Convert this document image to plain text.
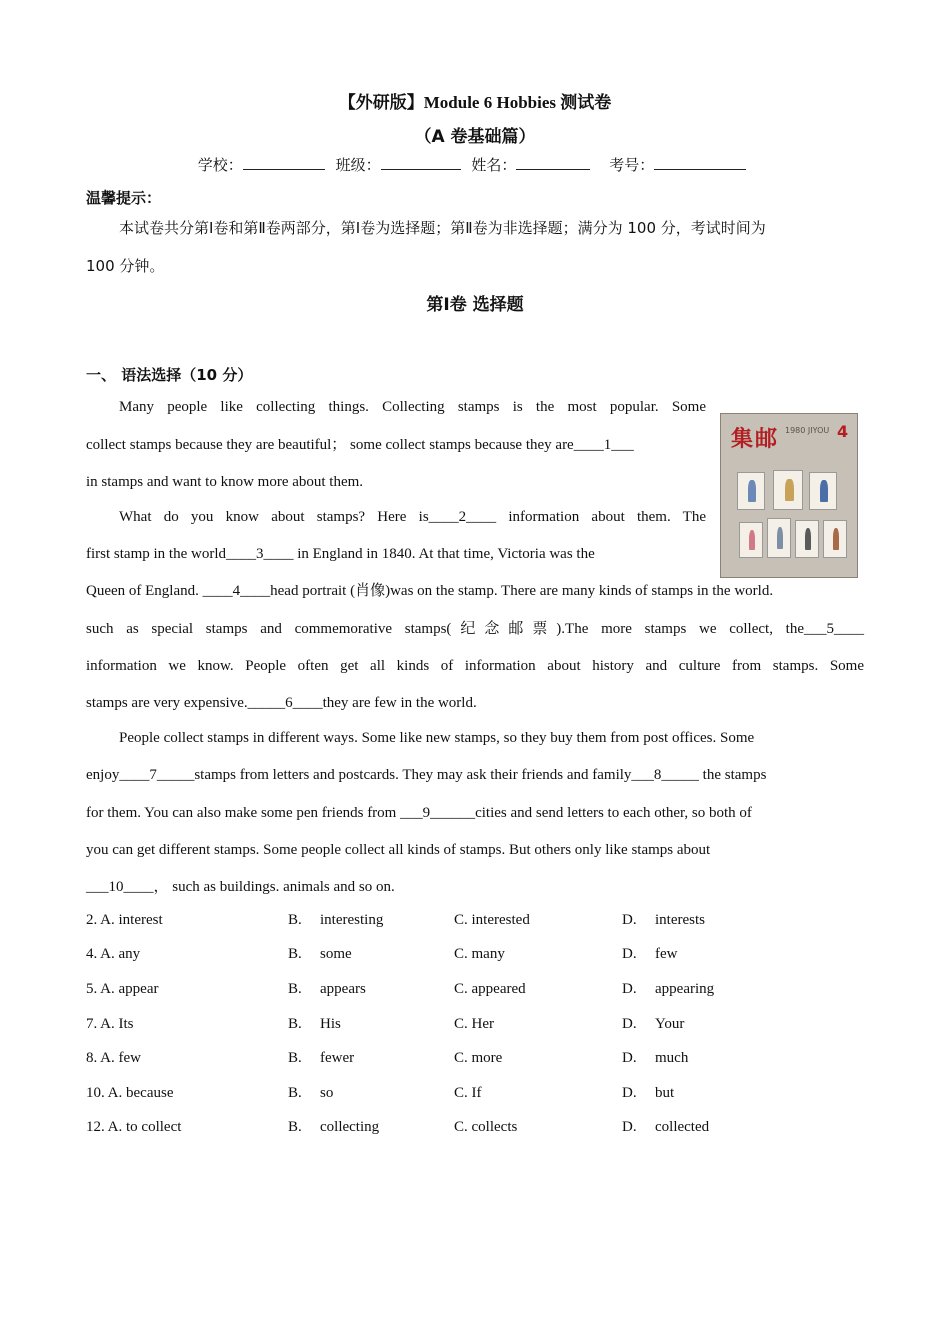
【外研版】Module 6 Hobbies 测试卷
（A 卷基础篇）
学校：	班级：	姓名：	考号：
温馨提示：
本试卷共分第Ⅰ卷和第Ⅱ卷两部分，第Ⅰ卷为选择题；第Ⅱ卷为非选择题；满分为 100 分，考试时间为
100 分钟。
第Ⅰ卷 选择题
一、 语法选择（10 分）
Many people like collecting things. Collecting stamps is the most popular. Some
collect stamps because they are beautiful； some collect stamps because they are____1___
in stamps and want to know more about them.
What do you know about stamps? Here is____2____ information about them. The
first stamp in the world____3____ in England in 1840. At that time, Victoria was the
Queen of England. ____4____head portrait (肖像)was on the stamp. There are many kinds of stamps in the world.
such as special stamps and commemorative stamps(纪念邮票).The more stamps we collect, the___5____
information we know. People often get all kinds of information about history and culture from stamps. Some
stamps are very expensive._____6____they are few in the world.
People collect stamps in different ways. Some like new stamps, so they buy them from post offices. Some
enjoy____7_____stamps from letters and postcards. They may ask their friends and family___8_____ the stamps
for them. You can also make some pen friends from ___9______cities and send letters to each other, so both of
you can get different stamps. Some people collect all kinds of stamps. But others only like stamps about
___10____， such as buildings. animals and so on.
集邮 1980 JIYOU 4
2. A. interest	B. interesting	C. interested	D. interests
4. A. any	B. some	C. many	D. few
5. A. appear	B. appears	C. appeared	D. appearing
7. A. Its	B. His	C. Her	D. Your
8. A. few	B. fewer	C. more	D. much
10. A. because	B. so	C. If	D. but
12. A. to collect	B. collecting	C. collects	D. collected
